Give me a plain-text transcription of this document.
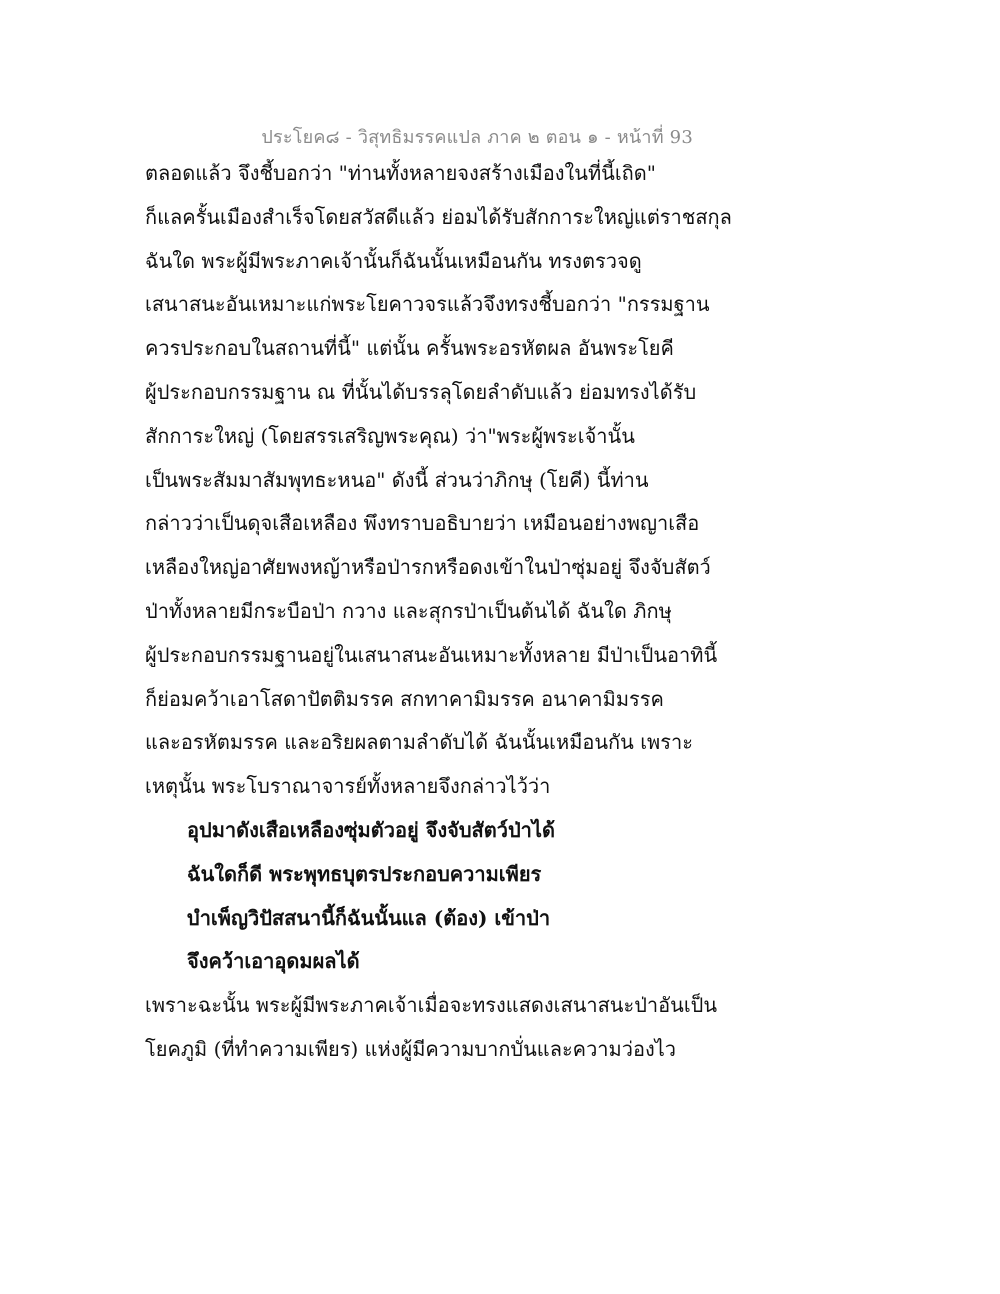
ประโยค๘ - วิสุทธิมรรคแปล ภาค ๒ ตอน ๑ - หน้าที่ 93
ตลอดแล้ว จึงชี้บอกว่า "ท่านทั้งหลายจงสร้างเมืองในที่นี้เถิด"
ก็แลครั้นเมืองสำเร็จโดยสวัสดีแล้ว ย่อมได้รับสักการะใหญ่แต่ราชสกุล
ฉันใด พระผู้มีพระภาคเจ้านั้นก็ฉันนั้นเหมือนกัน ทรงตรวจดู
เสนาสนะอันเหมาะแก่พระโยคาวจรแล้วจึงทรงชี้บอกว่า "กรรมฐาน
ควรประกอบในสถานที่นี้" แต่นั้น ครั้นพระอรหัตผล อันพระโยคี
ผู้ประกอบกรรมฐาน ณ ที่นั้นได้บรรลุโดยลำดับแล้ว ย่อมทรงได้รับ
สักการะใหญ่ (โดยสรรเสริญพระคุณ) ว่า"พระผู้พระเจ้านั้น
เป็นพระสัมมาสัมพุทธะหนอ" ดังนี้ ส่วนว่าภิกษุ (โยคี) นี้ท่าน
กล่าวว่าเป็นดุจเสือเหลือง พึงทราบอธิบายว่า เหมือนอย่างพญาเสือ
เหลืองใหญ่อาศัยพงหญ้าหรือป่ารกหรือดงเข้าในป่าซุ่มอยู่ จึงจับสัตว์
ป่าทั้งหลายมีกระบือป่า กวาง และสุกรป่าเป็นต้นได้ ฉันใด ภิกษุ
ผู้ประกอบกรรมฐานอยู่ในเสนาสนะอันเหมาะทั้งหลาย มีป่าเป็นอาทินี้
ก็ย่อมคว้าเอาโสดาปัตติมรรค สกทาคามิมรรค อนาคามิมรรค
และอรหัตมรรค และอริยผลตามลำดับได้ ฉันนั้นเหมือนกัน เพราะ
เหตุนั้น พระโบราณาจารย์ทั้งหลายจึงกล่าวไว้ว่า
อุปมาดังเสือเหลืองซุ่มตัวอยู่ จึงจับสัตว์ป่าได้
ฉันใดก็ดี พระพุทธบุตรประกอบความเพียร
บำเพ็ญวิปัสสนานี้ก็ฉันนั้นแล (ต้อง) เข้าป่า
จึงคว้าเอาอุดมผลได้
เพราะฉะนั้น พระผู้มีพระภาคเจ้าเมื่อจะทรงแสดงเสนาสนะป่าอันเป็น
โยคภูมิ (ที่ทำความเพียร) แห่งผู้มีความบากบั่นและความว่องไว
